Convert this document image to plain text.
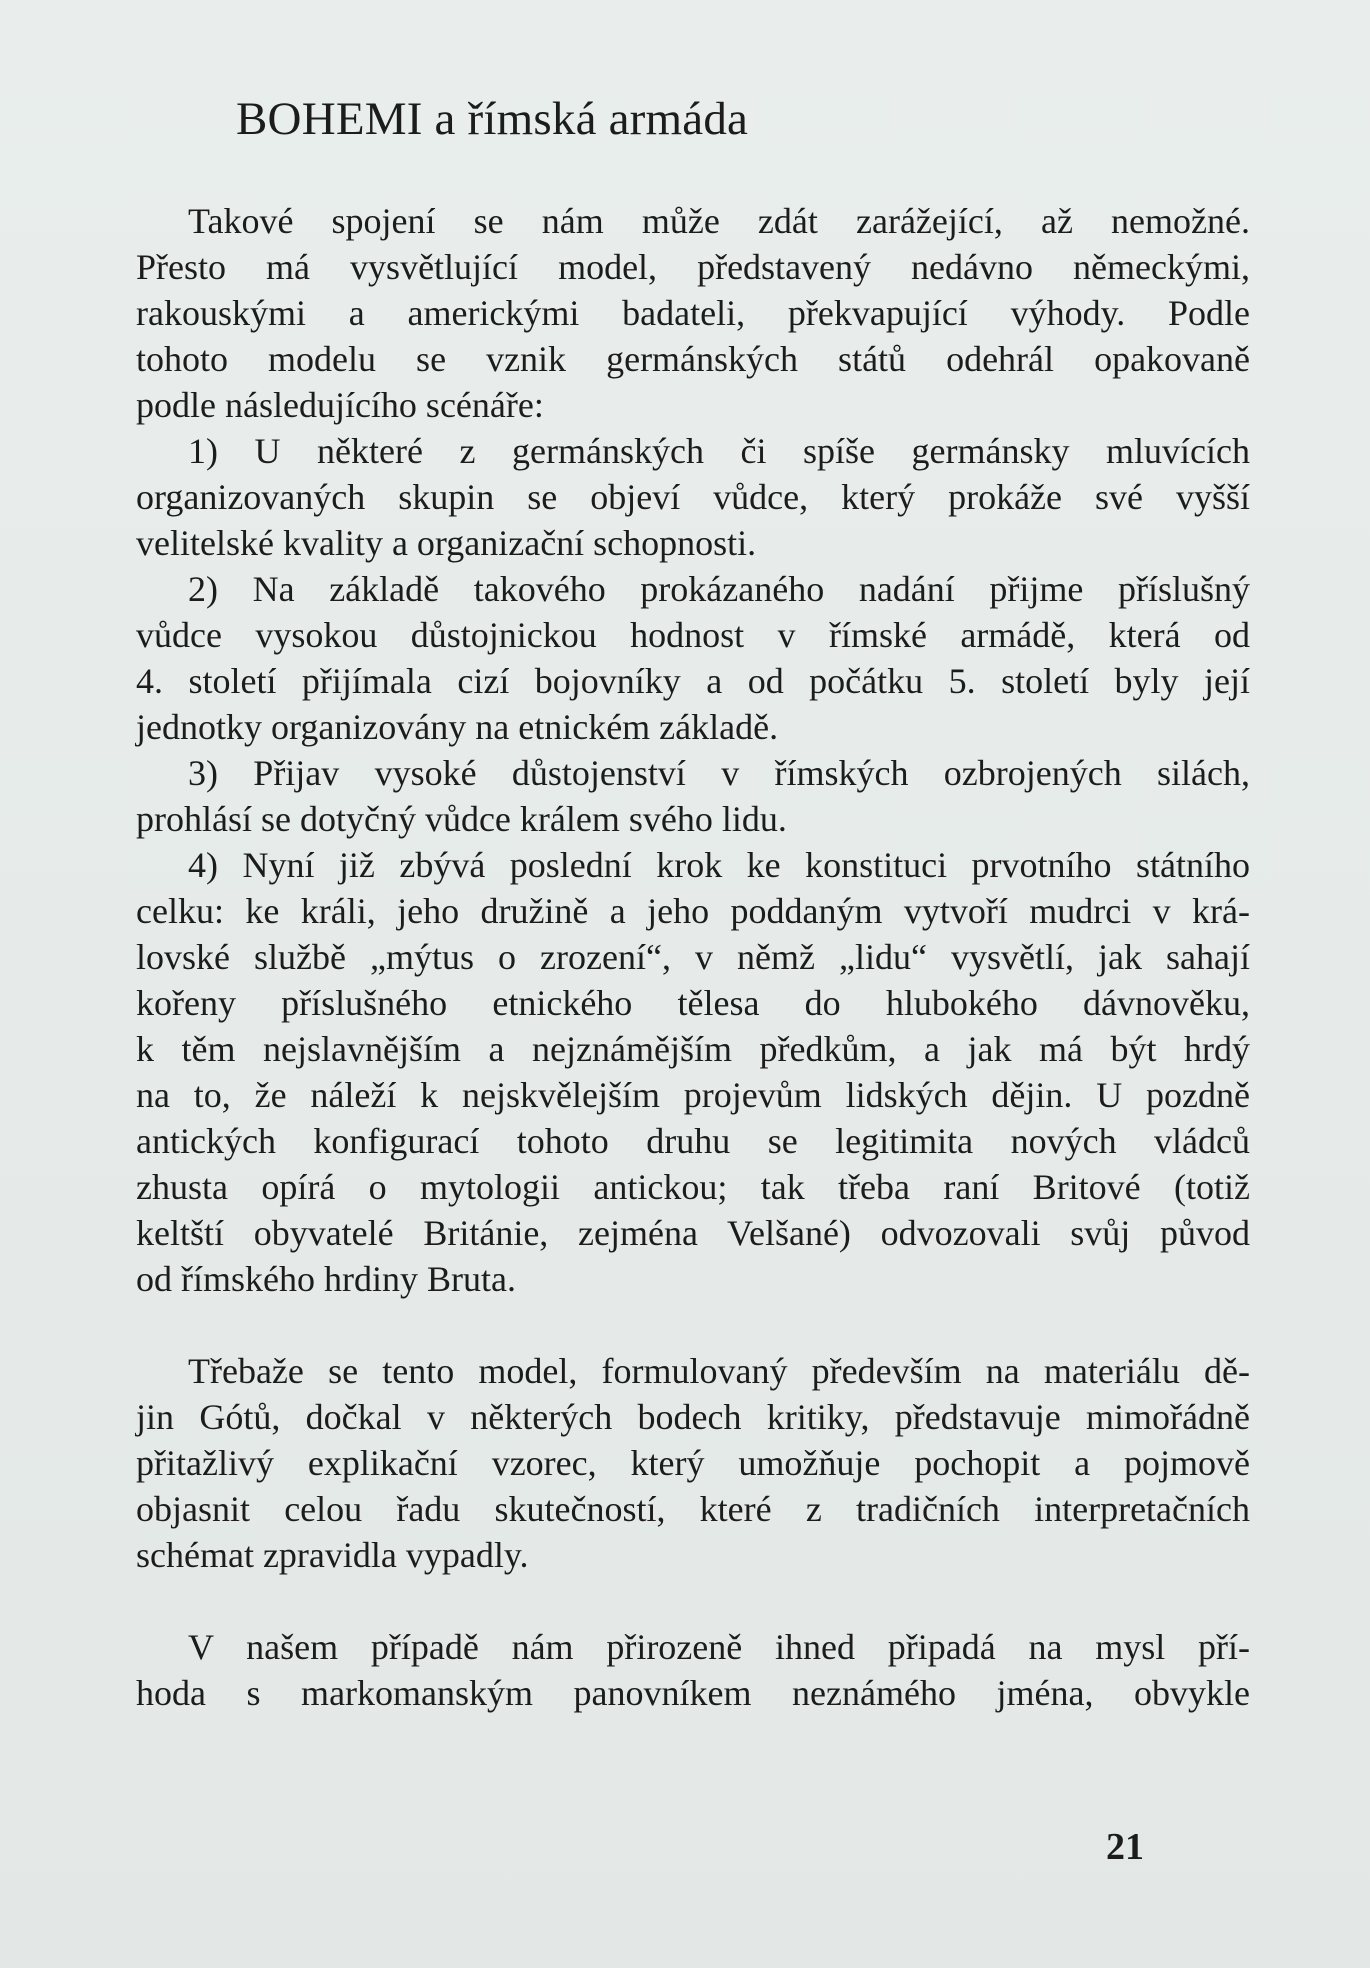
BOHEMI a římská armáda
Takové spojení se nám může zdát zarážející, až nemožné.
Přesto má vysvětlující model, představený nedávno německými,
rakouskými a americkými badateli, překvapující výhody. Podle
tohoto modelu se vznik germánských států odehrál opakovaně
podle následujícího scénáře:
1) U některé z germánských či spíše germánsky mluvících
organizovaných skupin se objeví vůdce, který prokáže své vyšší
velitelské kvality a organizační schopnosti.
2) Na základě takového prokázaného nadání přijme příslušný
vůdce vysokou důstojnickou hodnost v římské armádě, která od
4. století přijímala cizí bojovníky a od počátku 5. století byly její
jednotky organizovány na etnickém základě.
3) Přijav vysoké důstojenství v římských ozbrojených silách,
prohlásí se dotyčný vůdce králem svého lidu.
4) Nyní již zbývá poslední krok ke konstituci prvotního státního
celku: ke králi, jeho družině a jeho poddaným vytvoří mudrci v krá-
lovské službě „mýtus o zrození“, v němž „lidu“ vysvětlí, jak sahají
kořeny příslušného etnického tělesa do hlubokého dávnověku,
k těm nejslavnějším a nejznámějším předkům, a jak má být hrdý
na to, že náleží k nejskvělejším projevům lidských dějin. U pozdně
antických konfigurací tohoto druhu se legitimita nových vládců
zhusta opírá o mytologii antickou; tak třeba raní Britové (totiž
keltští obyvatelé Británie, zejména Velšané) odvozovali svůj původ
od římského hrdiny Bruta.
Třebaže se tento model, formulovaný především na materiálu dě-
jin Gótů, dočkal v některých bodech kritiky, představuje mimořádně
přitažlivý explikační vzorec, který umožňuje pochopit a pojmově
objasnit celou řadu skutečností, které z tradičních interpretačních
schémat zpravidla vypadly.
V našem případě nám přirozeně ihned připadá na mysl pří-
hoda s markomanským panovníkem neznámého jména, obvykle
21
